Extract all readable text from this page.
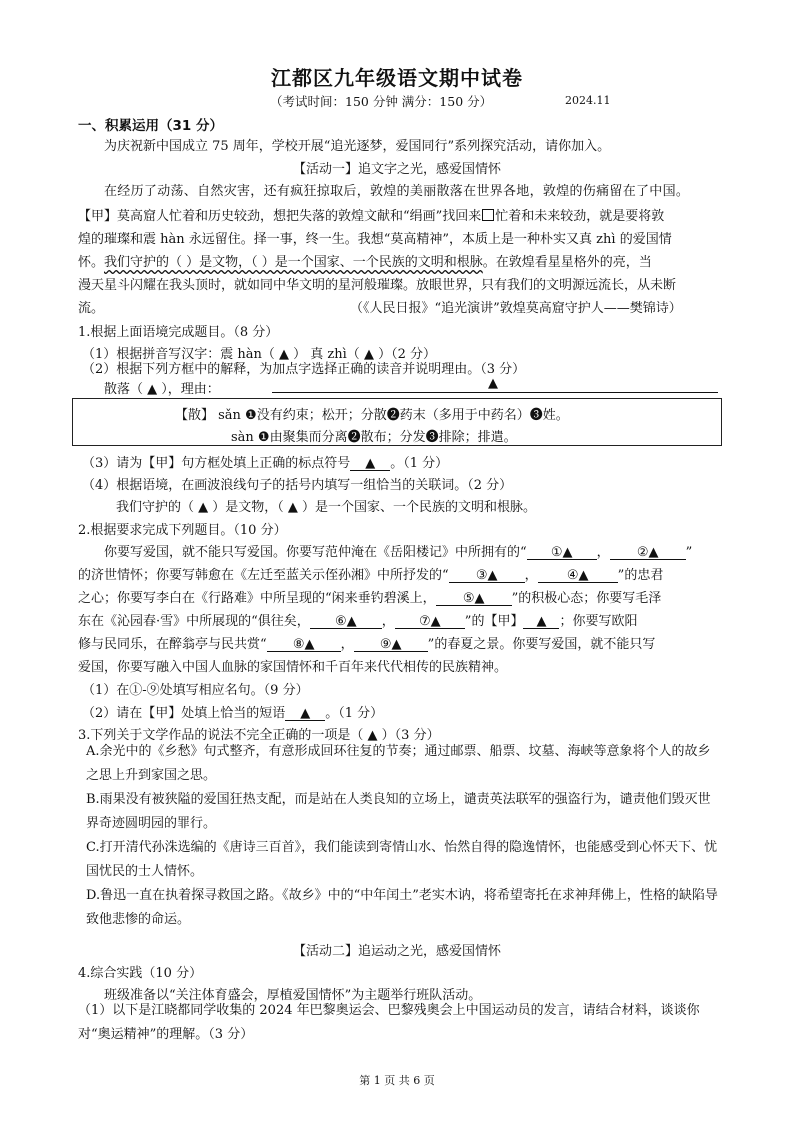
江都区九年级语文期中试卷
（考试时间：150 分钟 满分：150 分）	2024.11
一、积累运用（31 分）
为庆祝新中国成立 75 周年，学校开展“追光逐梦，爱国同行”系列探究活动，请你加入。
【活动一】追文字之光，感爱国情怀
在经历了动荡、自然灾害，还有疯狂掠取后，敦煌的美丽散落在世界各地，敦煌的伤痛留在了中国。
【甲】莫高窟人忙着和历史较劲，想把失落的敦煌文献和“绢画”找回来 忙着和未来较劲，就是要将敦
煌的璀璨和震 hàn 永远留住。择一事，终一生。我想“莫高精神”，本质上是一种朴实又真 zhì 的爱国情
怀。我们守护的（ ）是文物，（ ）是一个国家、一个民族的文明和根脉。在敦煌看星星格外的亮，当
漫天星斗闪耀在我头顶时，就如同中华文明的星河般璀璨。放眼世界，只有我们的文明源远流长，从未断
流。	（《人民日报》“追光演讲”敦煌莫高窟守护人——樊锦诗）
1.根据上面语境完成题目。（8 分）
（1）根据拼音写汉字：震 hàn（ ▲ ） 真 zhì（ ▲ ）（2 分）
（2）根据下列方框中的解释，为加点字选择正确的读音并说明理由。（3 分）
散落（ ▲ ），理由：	▲
【散】 sǎn ❶没有约束；松开；分散❷药末（多用于中药名）❸姓。
sàn ❶由聚集而分离❷散布；分发❸排除；排遣。
（3）请为【甲】句方框处填上正确的标点符号 ▲ 。（1 分）
（4）根据语境，在画波浪线句子的括号内填写一组恰当的关联词。（2 分）
我们守护的（ ▲ ）是文物，（ ▲ ）是一个国家、一个民族的文明和根脉。
2.根据要求完成下列题目。（10 分）
你要写爱国，就不能只写爱国。你要写范仲淹在《岳阳楼记》中所拥有的“ ①▲ ， ②▲ ”
的济世情怀；你要写韩愈在《左迁至蓝关示侄孙湘》中所抒发的“ ③▲ ， ④▲ ”的忠君
之心；你要写李白在《行路难》中所呈现的“闲来垂钓碧溪上， ⑤▲ ”的积极心态；你要写毛泽
东在《沁园春·雪》中所展现的“俱往矣， ⑥▲ ， ⑦▲ ”的【甲】 ▲ ；你要写欧阳
修与民同乐，在醉翁亭与民共赏“ ⑧▲ ， ⑨▲ ”的春夏之景。你要写爱国，就不能只写
爱国，你要写融入中国人血脉的家国情怀和千百年来代代相传的民族精神。
（1）在①-⑨处填写相应名句。（9 分）
（2）请在【甲】处填上恰当的短语 ▲ 。（1 分）
3.下列关于文学作品的说法不完全正确的一项是（ ▲ ）（3 分）
A.余光中的《乡愁》句式整齐，有意形成回环往复的节奏；通过邮票、船票、坟墓、海峡等意象将个人的故乡之思上升到家国之思。
B.雨果没有被狭隘的爱国狂热支配，而是站在人类良知的立场上，谴责英法联军的强盗行为，谴责他们毁灭世界奇迹圆明园的罪行。
C.打开清代孙洙选编的《唐诗三百首》，我们能读到寄情山水、怡然自得的隐逸情怀，也能感受到心怀天下、忧国忧民的士人情怀。
D.鲁迅一直在执着探寻救国之路。《故乡》中的“中年闰土”老实木讷，将希望寄托在求神拜佛上，性格的缺陷导致他悲惨的命运。
【活动二】追运动之光，感爱国情怀
4.综合实践（10 分）
班级准备以“关注体育盛会，厚植爱国情怀”为主题举行班队活动。
（1）以下是江晓都同学收集的 2024 年巴黎奥运会、巴黎残奥会上中国运动员的发言，请结合材料，谈谈你对“奥运精神”的理解。（3 分）
第 1 页 共 6 页
